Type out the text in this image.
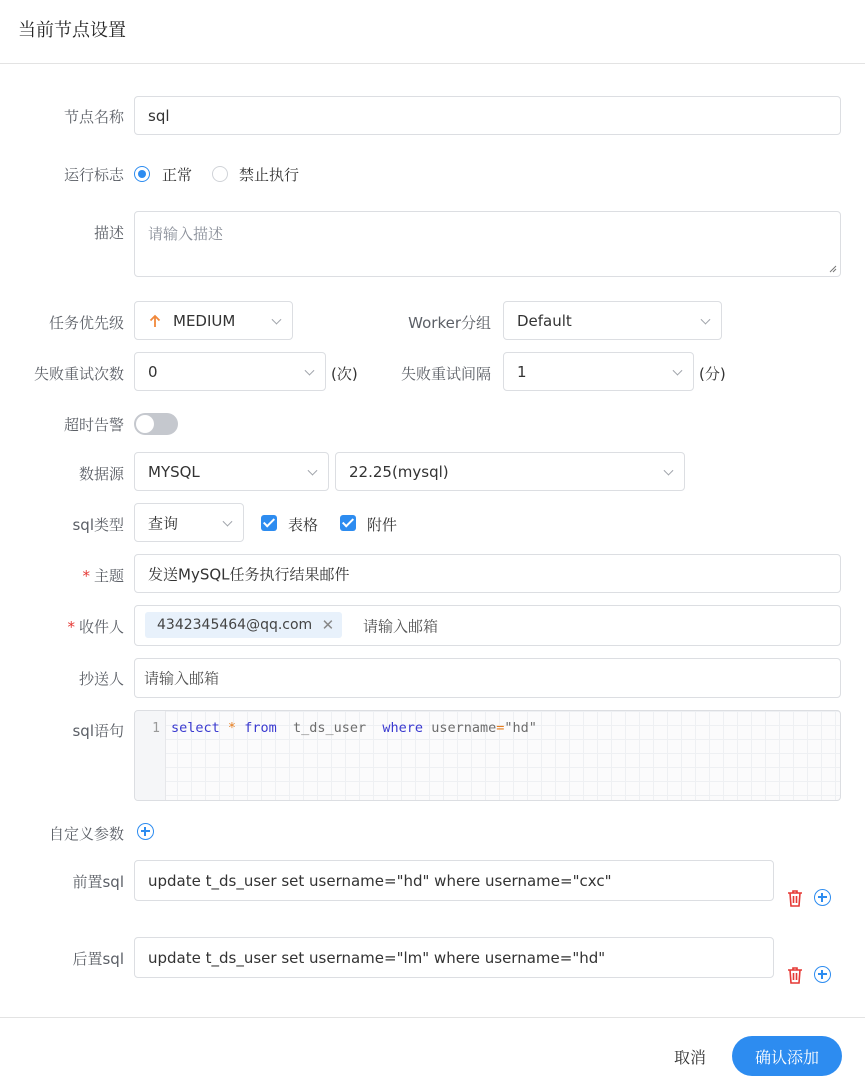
当前节点设置
节点名称 sql
运行标志	正常	禁止执行
描述 请输入描述
任务优先级	MEDIUM	Worker分组 Default
失败重试次数 0	(次)	失败重试间隔 1	(分)
超时告警
数据源 MYSQL	22.25(mysql)
sql类型 查询	表格	附件
* 主题 发送MySQL任务执行结果邮件
* 收件人	4342345464@qq.com ✕ 请输入邮箱
抄送人 请输入邮箱
sql语句 1 select * from t_ds_user where username="hd"
自定义参数
前置sql update t_ds_user set username="hd" where username="cxc"
后置sql update t_ds_user set username="lm" where username="hd"
取消	确认添加
